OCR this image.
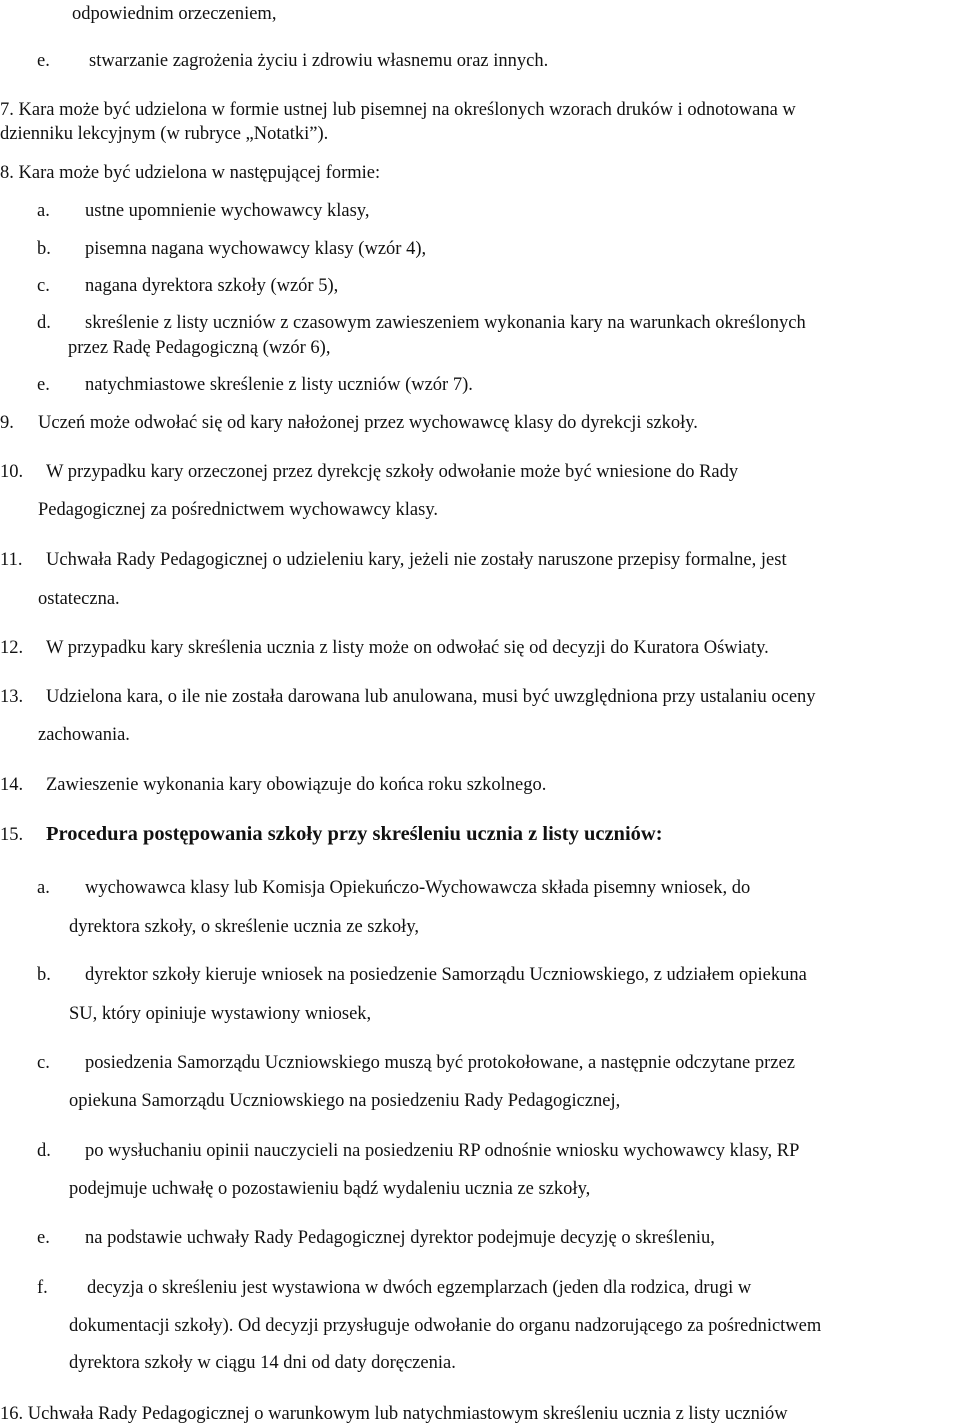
odpowiednim orzeczeniem,
e. stwarzanie zagrożenia życiu i zdrowiu własnemu oraz innych.
7. Kara może być udzielona w formie ustnej lub pisemnej na określonych wzorach druków i odnotowana w
dzienniku lekcyjnym (w rubryce „Notatki”).
8. Kara może być udzielona w następującej formie:
a. ustne upomnienie wychowawcy klasy,
b. pisemna nagana wychowawcy klasy (wzór 4),
c. nagana dyrektora szkoły (wzór 5),
d. skreślenie z listy uczniów z czasowym zawieszeniem wykonania kary na warunkach określonych
przez Radę Pedagogiczną (wzór 6),
e. natychmiastowe skreślenie z listy uczniów (wzór 7).
9. Uczeń może odwołać się od kary nałożonej przez wychowawcę klasy do dyrekcji szkoły.
10. W przypadku kary orzeczonej przez dyrekcję szkoły odwołanie może być wniesione do Rady
Pedagogicznej za pośrednictwem wychowawcy klasy.
11. Uchwała Rady Pedagogicznej o udzieleniu kary, jeżeli nie zostały naruszone przepisy formalne, jest
ostateczna.
12. W przypadku kary skreślenia ucznia z listy może on odwołać się od decyzji do Kuratora Oświaty.
13. Udzielona kara, o ile nie została darowana lub anulowana, musi być uwzględniona przy ustalaniu oceny
zachowania.
14. Zawieszenie wykonania kary obowiązuje do końca roku szkolnego.
15. Procedura postępowania szkoły przy skreśleniu ucznia z listy uczniów:
a. wychowawca klasy lub Komisja Opiekuńczo-Wychowawcza składa pisemny wniosek, do
dyrektora szkoły, o skreślenie ucznia ze szkoły,
b. dyrektor szkoły kieruje wniosek na posiedzenie Samorządu Uczniowskiego, z udziałem opiekuna
SU, który opiniuje wystawiony wniosek,
c. posiedzenia Samorządu Uczniowskiego muszą być protokołowane, a następnie odczytane przez
opiekuna Samorządu Uczniowskiego na posiedzeniu Rady Pedagogicznej,
d. po wysłuchaniu opinii nauczycieli na posiedzeniu RP odnośnie wniosku wychowawcy klasy, RP
podejmuje uchwałę o pozostawieniu bądź wydaleniu ucznia ze szkoły,
e. na podstawie uchwały Rady Pedagogicznej dyrektor podejmuje decyzję o skreśleniu,
f. decyzja o skreśleniu jest wystawiona w dwóch egzemplarzach (jeden dla rodzica, drugi w
dokumentacji szkoły). Od decyzji przysługuje odwołanie do organu nadzorującego za pośrednictwem
dyrektora szkoły w ciągu 14 dni od daty doręczenia.
16. Uchwała Rady Pedagogicznej o warunkowym lub natychmiastowym skreśleniu ucznia z listy uczniów
